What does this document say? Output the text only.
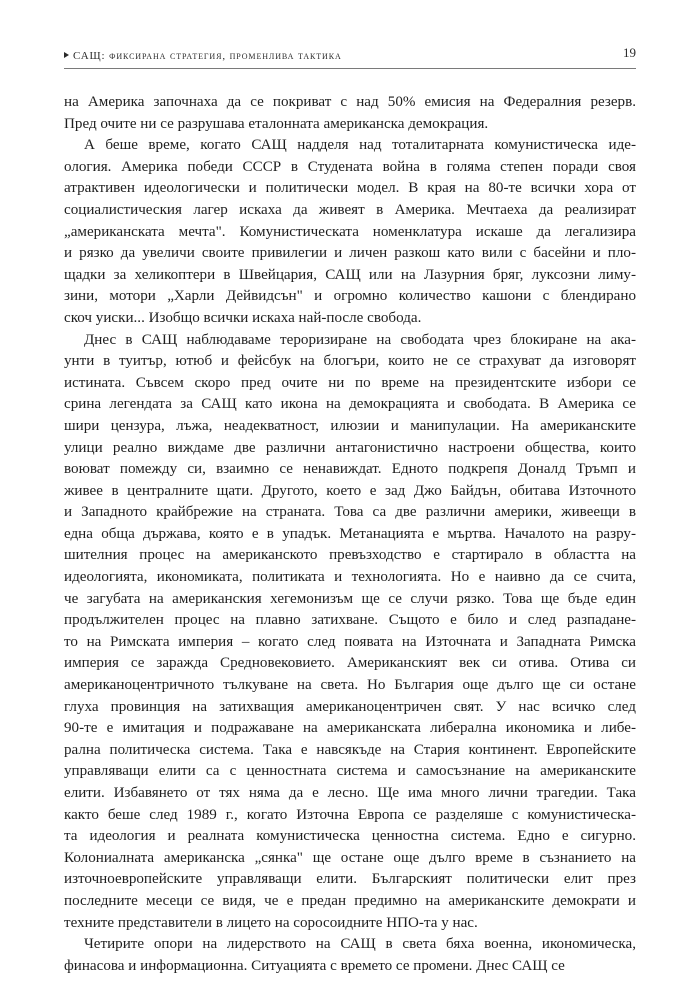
САЩ: фиксирана стратегия, променлива тактика	19

на Америка започнаха да се покриват с над 50% емисия на Федералния резерв.
Пред очите ни се разрушава еталонната американска демокрация.

А беше време, когато САЩ надделя над тоталитарната комунистическа иде-
ология. Америка победи СССР в Студената война в голяма степен поради своя
атрактивен идеологически и политически модел. В края на 80-те всички хора от
социалистическия лагер искаха да живеят в Америка. Мечтаеха да реализират
„американската мечта". Комунистическата номенклатура искаше да легализира
и рязко да увеличи своите привилегии и личен разкош като вили с басейни и пло-
щадки за хеликоптери в Швейцария, САЩ или на Лазурния бряг, луксозни лиму-
зини, мотори „Харли Дейвидсън" и огромно количество кашони с блендирано
скоч уиски... Изобщо всички искаха най-после свобода.

Днес в САЩ наблюдаваме тероризиране на свободата чрез блокиране на ака-
унти в туитър, ютюб и фейсбук на блогъри, които не се страхуват да изговорят
истината. Съвсем скоро пред очите ни по време на президентските избори се
срина легендата за САЩ като икона на демокрацията и свободата. В Америка се
шири цензура, лъжа, неадекватност, илюзии и манипулации. На американските
улици реално виждаме две различни антагонистично настроени общества, които
воюват помежду си, взаимно се ненавиждат. Едното подкрепя Доналд Тръмп и
живее в централните щати. Другото, което е зад Джо Байдън, обитава Източното
и Западното крайбрежие на страната. Това са две различни америки, живеещи в
една обща държава, която е в упадък. Метанацията е мъртва. Началото на разру-
шителния процес на американското превъзходство е стартирало в областта на
идеологията, икономиката, политиката и технологията. Но е наивно да се счита,
че загубата на американския хегемонизъм ще се случи рязко. Това ще бъде един
продължителен процес на плавно затихване. Същото е било и след разпадане-
то на Римската империя – когато след появата на Източната и Западната Римска
империя се заражда Средновековието. Американският век си отива. Отива си
американоцентричното тълкуване на света. Но България още дълго ще си остане
глуха провинция на затихващия американоцентричен свят. У нас всичко след
90-те е имитация и подражаване на американската либерална икономика и либе-
рална политическа система. Така е навсякъде на Стария континент. Европейските
управляващи елити са с ценностната система и самосъзнание на американските
елити. Избавянето от тях няма да е лесно. Ще има много лични трагедии. Така
както беше след 1989 г., когато Източна Европа се разделяше с комунистическа-
та идеология и реалната комунистическа ценностна система. Едно е сигурно.
Колониалната американска „сянка" ще остане още дълго време в съзнанието на
източноевропейските управляващи елити. Българският политически елит през
последните месеци се видя, че е предан предимно на американските демократи и
техните представители в лицето на соросоидните НПО-та у нас.

Четирите опори на лидерството на САЩ в света бяха военна, икономическа,
финасова и информационна. Ситуацията с времето се промени. Днес САЩ се
